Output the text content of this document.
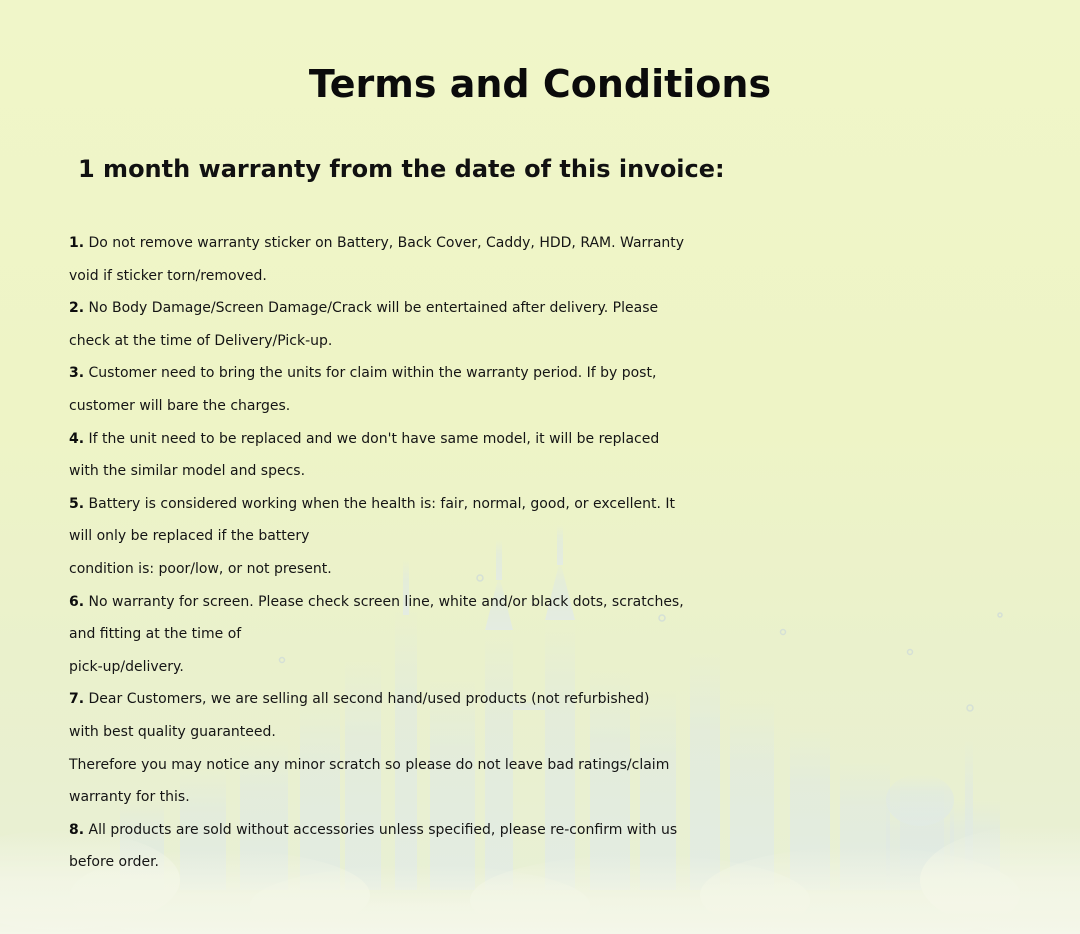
Terms and Conditions
1 month warranty from the date of this invoice:
1. Do not remove warranty sticker on Battery, Back Cover, Caddy, HDD, RAM. Warranty
void if sticker torn/removed.
2. No Body Damage/Screen Damage/Crack will be entertained after delivery. Please
check at the time of Delivery/Pick-up.
3. Customer need to bring the units for claim within the warranty period. If by post,
customer will bare the charges.
4. If the unit need to be replaced and we don't have same model, it will be replaced
with the similar model and specs.
5. Battery is considered working when the health is: fair, normal, good, or excellent. It
will only be replaced if the battery
condition is: poor/low, or not present.
6. No warranty for screen. Please check screen line, white and/or black dots, scratches,
and fitting at the time of
pick-up/delivery.
7. Dear Customers, we are selling all second hand/used products (not refurbished)
with best quality guaranteed.
Therefore you may notice any minor scratch so please do not leave bad ratings/claim
warranty for this.
8. All products are sold without accessories unless specified, please re-confirm with us
before order.
